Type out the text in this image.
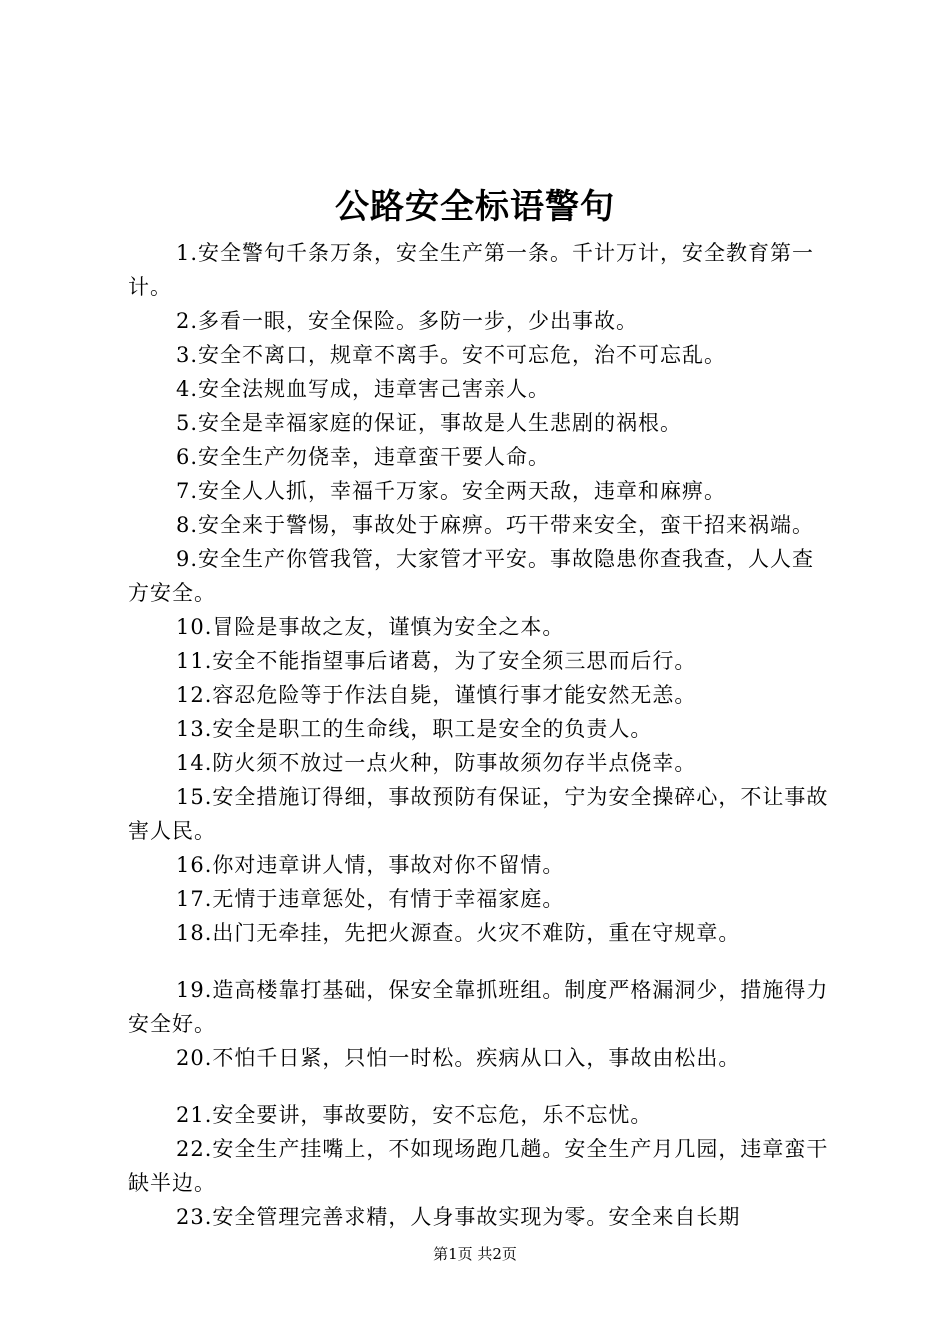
公路安全标语警句

1.安全警句千条万条，安全生产第一条。千计万计，安全教育第一计。

2.多看一眼，安全保险。多防一步，少出事故。

3.安全不离口，规章不离手。安不可忘危，治不可忘乱。

4.安全法规血写成，违章害己害亲人。

5.安全是幸福家庭的保证，事故是人生悲剧的祸根。

6.安全生产勿侥幸，违章蛮干要人命。

7.安全人人抓，幸福千万家。安全两天敌，违章和麻痹。

8.安全来于警惕，事故处于麻痹。巧干带来安全，蛮干招来祸端。

9.安全生产你管我管，大家管才平安。事故隐患你查我查，人人查方安全。

10.冒险是事故之友，谨慎为安全之本。

11.安全不能指望事后诸葛，为了安全须三思而后行。

12.容忍危险等于作法自毙，谨慎行事才能安然无恙。

13.安全是职工的生命线，职工是安全的负责人。

14.防火须不放过一点火种，防事故须勿存半点侥幸。

15.安全措施订得细，事故预防有保证，宁为安全操碎心，不让事故害人民。

16.你对违章讲人情，事故对你不留情。

17.无情于违章惩处，有情于幸福家庭。

18.出门无牵挂，先把火源查。火灾不难防，重在守规章。

19.造高楼靠打基础，保安全靠抓班组。制度严格漏洞少，措施得力安全好。

20.不怕千日紧，只怕一时松。疾病从口入，事故由松出。

21.安全要讲，事故要防，安不忘危，乐不忘忧。

22.安全生产挂嘴上，不如现场跑几趟。安全生产月几园，违章蛮干缺半边。

23.安全管理完善求精，人身事故实现为零。安全来自长期

第1页 共2页
